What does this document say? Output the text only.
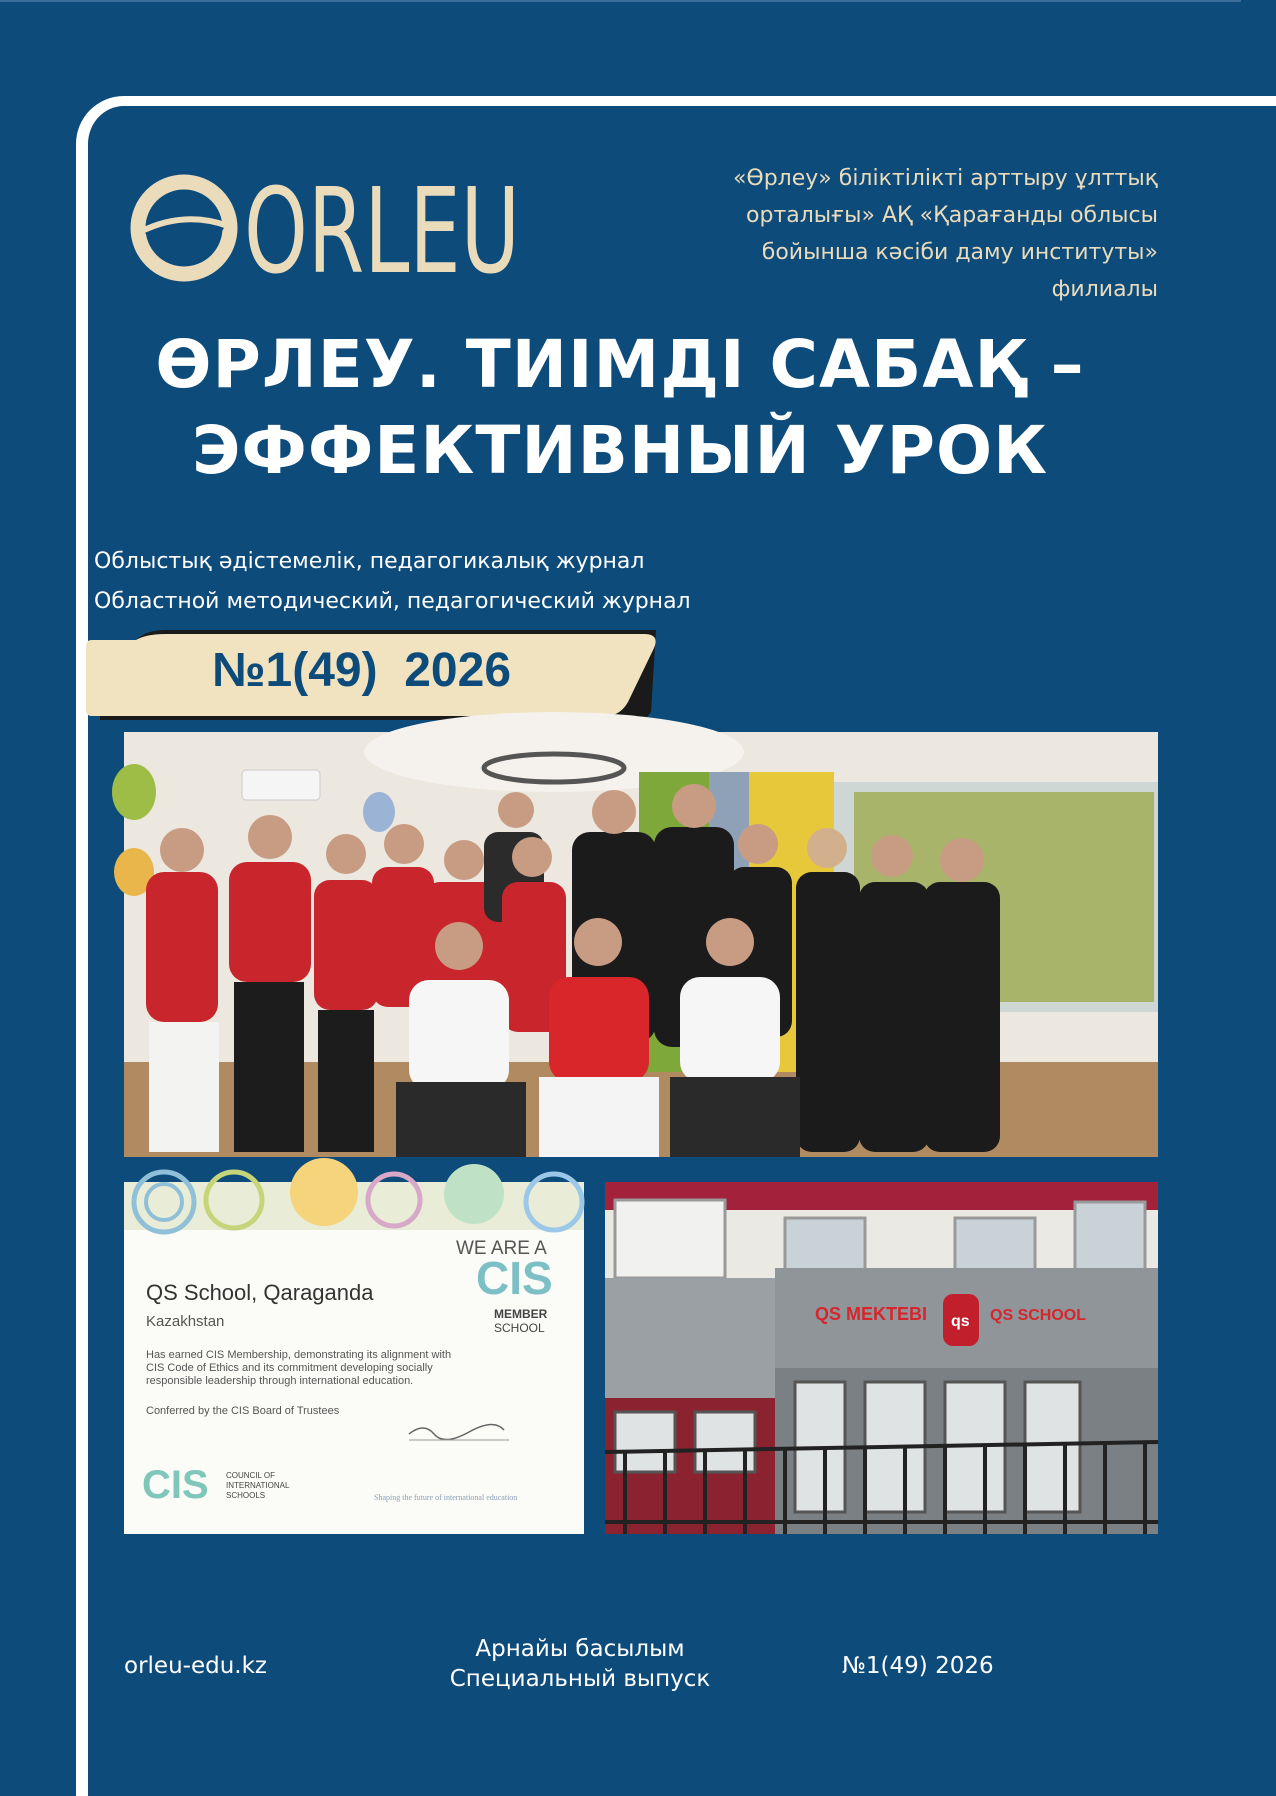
ORLEU	«Өрлеу» біліктілікті арттыру ұлттық
орталығы» АҚ «Қарағанды облысы
бойынша кәсіби даму институты»
филиалы
ӨРЛЕУ. ТИІМДІ САБАҚ –
ЭФФЕКТИВНЫЙ УРОК
Облыстық әдістемелік, педагогикалық журнал
Областной методический, педагогический журнал
№1(49)  2026
WE ARE A
CIS
MEMBER
SCHOOL
QS School, Qaraganda
Kazakhstan
Has earned CIS Membership, demonstrating its alignment with
CIS Code of Ethics and its commitment developing socially
responsible leadership through international education.
Conferred by the CIS Board of Trustees
CIS COUNCIL OF
INTERNATIONAL
SCHOOLS	Shaping the future of international education
QS MEKTEBI qs QS SCHOOL
orleu-edu.kz
Арнайы басылым
Специальный выпуск	№1(49) 2026
